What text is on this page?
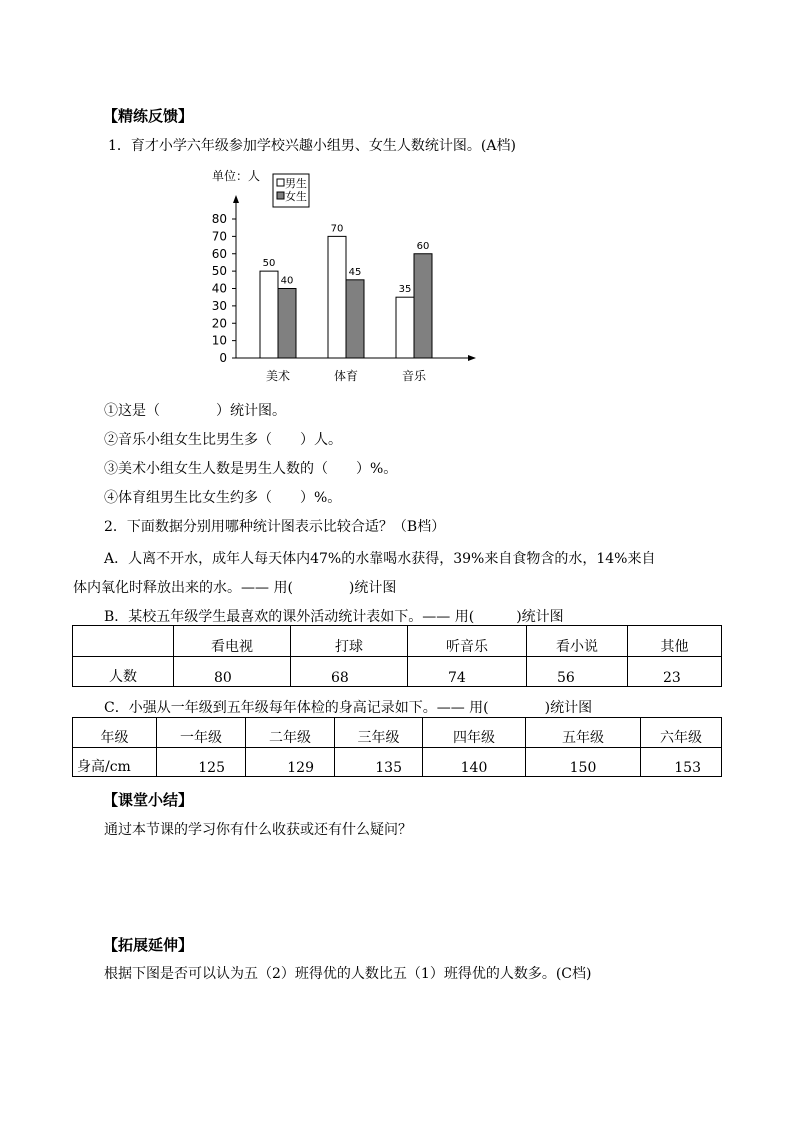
【精练反馈】
1．育才小学六年级参加学校兴趣小组男、女生人数统计图。(A档)
单位：人
男生
女生
0
10
20
30
40
50
60
70
80
50
40
美术
70
45
体育
35
60
音乐
①这是（　　　　）统计图。
②音乐小组女生比男生多（　　）人。
③美术小组女生人数是男生人数的（　　）%。
④体育组男生比女生约多（　　）%。
2．下面数据分别用哪种统计图表示比较合适？（B档）
A．人离不开水，成年人每天体内47%的水靠喝水获得，39%来自食物含的水，14%来自
体内氧化时释放出来的水。—— 用(　　　　)统计图
B．某校五年级学生最喜欢的课外活动统计表如下。—— 用(　　　)统计图

	看电视	打球	听音乐	看小说	其他

人数	80	68	74	56	23
C．小强从一年级到五年级每年体检的身高记录如下。—— 用(　　　　)统计图
年级	一年级	二年级	三年级	四年级	五年级	六年级

身高/cm	125	129	135	140	150	153
【课堂小结】
通过本节课的学习你有什么收获或还有什么疑问？
【拓展延伸】
根据下图是否可以认为五（2）班得优的人数比五（1）班得优的人数多。(C档)
